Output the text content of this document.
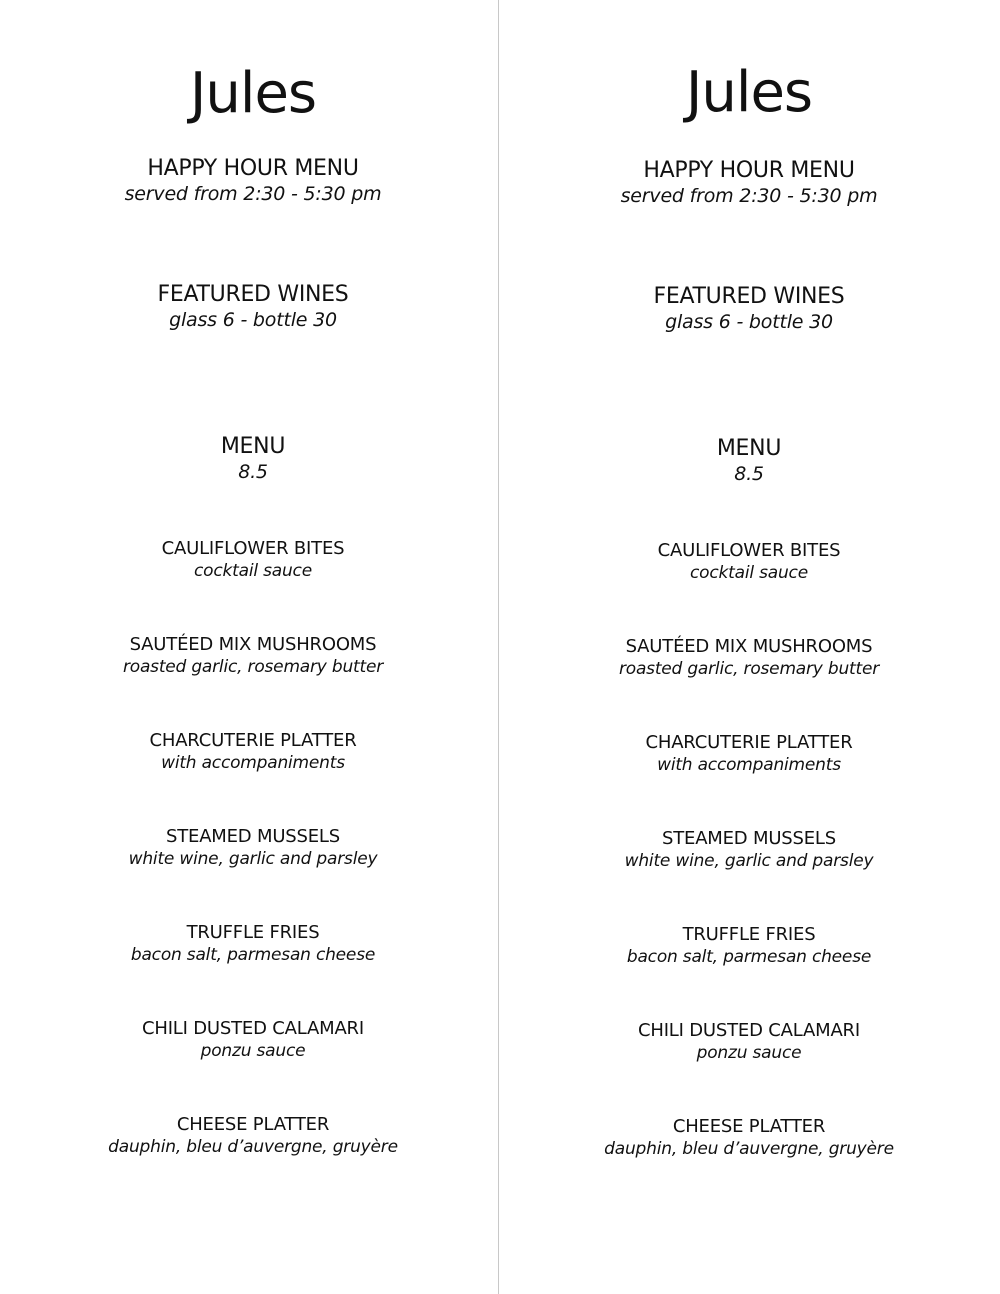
Jules
HAPPY HOUR MENU
served from 2:30 - 5:30 pm
FEATURED WINES
glass 6 - bottle 30
MENU
8.5
CAULIFLOWER BITES
cocktail sauce
SAUTÉED MIX MUSHROOMS
roasted garlic, rosemary butter
CHARCUTERIE PLATTER
with accompaniments
STEAMED MUSSELS
white wine, garlic and parsley
TRUFFLE FRIES
bacon salt, parmesan cheese
CHILI DUSTED CALAMARI
ponzu sauce
CHEESE PLATTER
dauphin, bleu d’auvergne, gruyère
Jules
HAPPY HOUR MENU
served from 2:30 - 5:30 pm
FEATURED WINES
glass 6 - bottle 30
MENU
8.5
CAULIFLOWER BITES
cocktail sauce
SAUTÉED MIX MUSHROOMS
roasted garlic, rosemary butter
CHARCUTERIE PLATTER
with accompaniments
STEAMED MUSSELS
white wine, garlic and parsley
TRUFFLE FRIES
bacon salt, parmesan cheese
CHILI DUSTED CALAMARI
ponzu sauce
CHEESE PLATTER
dauphin, bleu d’auvergne, gruyère
